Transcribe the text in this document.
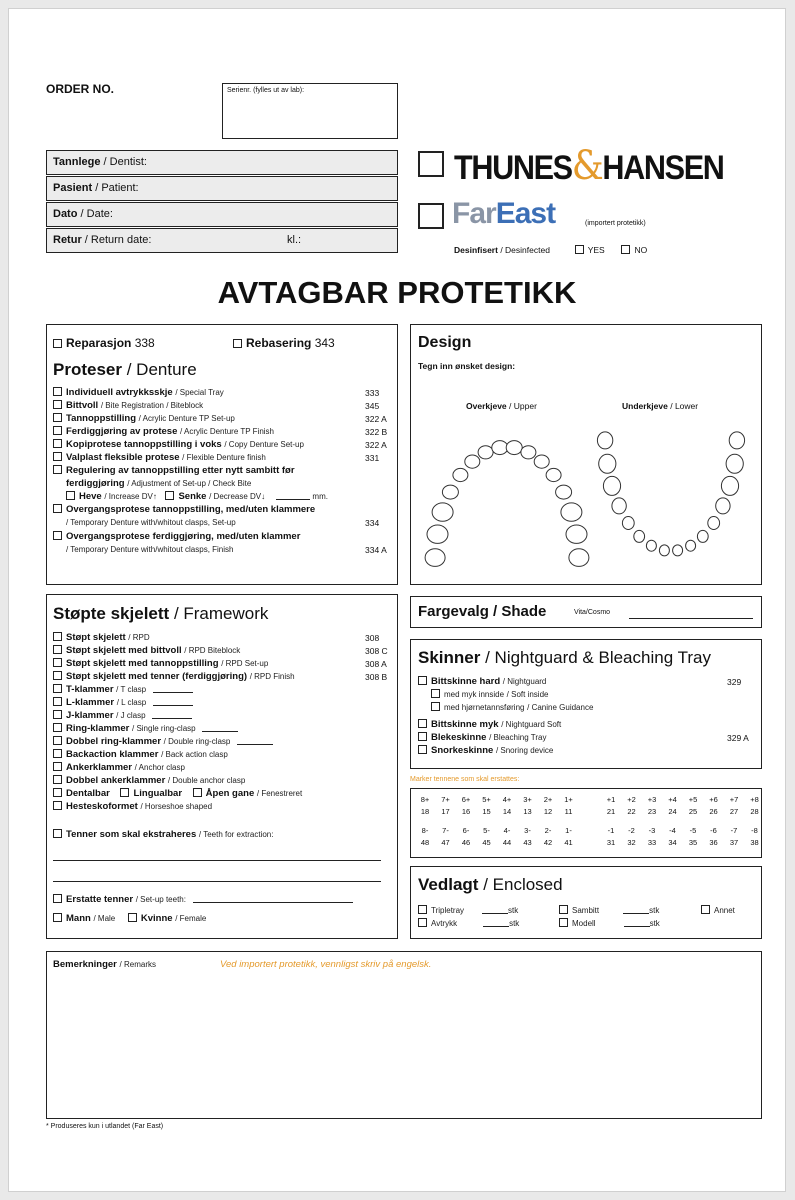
ORDER NO.	Serienr. (fylles ut av lab):
Tannlege / Dentist:
Pasient / Patient:
Dato / Date:
Retur / Return date:	kl.:
THUNES&HANSEN
FarEast	(importert protetikk)
Desinfisert / Desinfected	YES	NO
AVTAGBAR PROTETIKK
Reparasjon 338	Rebasering 343
Proteser / Denture
Individuell avtrykksskje / Special Tray	333
Bittvoll / Bite Registration / Biteblock	345
Tannoppstilling / Acrylic Denture TP Set-up	322 A
Ferdiggjøring av protese / Acrylic Denture TP Finish	322 B
Kopiprotese tannoppstilling i voks / Copy Denture Set-up	322 A
Valplast fleksible protese / Flexible Denture finish	331
Regulering av tannoppstilling etter nytt sambitt før
ferdiggjøring / Adjustment of Set-up / Check Bite
Heve / Increase DV↑ Senke / Decrease DV↓	mm.
Overgangsprotese tannoppstilling, med/uten klammere
/ Temporary Denture with/whitout clasps, Set-up	334
Overgangsprotese ferdiggjøring, med/uten klammer
/ Temporary Denture with/whitout clasps, Finish	334 A
Design
Tegn inn ønsket design:
Overkjeve / Upper	Underkjeve / Lower
Støpte skjelett / Framework
Støpt skjelett / RPD	308
Støpt skjelett med bittvoll / RPD Biteblock	308 C
Støpt skjelett med tannoppstilling / RPD Set-up	308 A
Støpt skjelett med tenner (ferdiggjøring) / RPD Finish	308 B
T-klammer / T clasp
L-klammer / L clasp
J-klammer / J clasp
Ring-klammer / Single ring-clasp
Dobbel ring-klammer / Double ring-clasp
Backaction klammer / Back action clasp
Ankerklammer / Anchor clasp
Dobbel ankerklammer / Double anchor clasp
Dentalbar Lingualbar Åpen gane / Fenestreret
Hesteskoformet / Horseshoe shaped
Tenner som skal ekstraheres / Teeth for extraction:
Erstatte tenner / Set-up teeth:
Mann / Male	Kvinne / Female
Fargevalg / Shade	Vita/Cosmo
Skinner / Nightguard & Bleaching Tray
Bittskinne hard / Nightguard	329
med myk innside / Soft inside
med hjørnetannsføring / Canine Guidance
Bittskinne myk / Nightguard Soft
Blekeskinne / Bleaching Tray	329 A
Snorkeskinne / Snoring device
Marker tennene som skal erstattes:
8+	7+	6+	5+	4+	3+	2+	1+	+1	+2	+3	+4	+5	+6	+7	+8
18	17	16	15	14	13	12	11	21	22	23	24	25	26	27	28
8-	7-	6-	5-	4-	3-	2-	1-	-1	-2	-3	-4	-5	-6	-7	-8
48	47	46	45	44	43	42	41	31	32	33	34	35	36	37	38
Vedlagt / Enclosed
Tripletray	stk
Avtrykk	stk
Sambitt	stk
Modell	stk
Annet
Bemerkninger / Remarks	Ved importert protetikk, vennligst skriv på engelsk.
* Produseres kun i utlandet (Far East)
